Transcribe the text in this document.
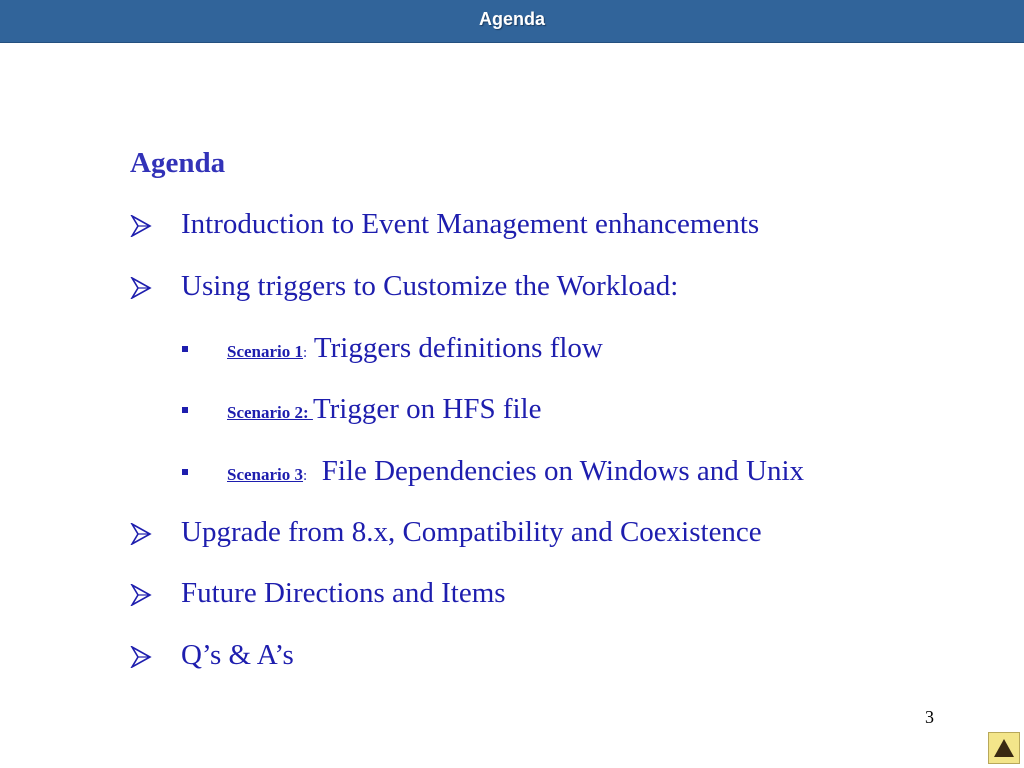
Agenda
Agenda
Introduction to Event Management enhancements
Using triggers to Customize the Workload:
Scenario 1: Triggers definitions flow
Scenario 2: Trigger on HFS file
Scenario 3:  File Dependencies on Windows and Unix
Upgrade from 8.x, Compatibility and Coexistence
Future Directions and Items
Q’s & A’s
3
